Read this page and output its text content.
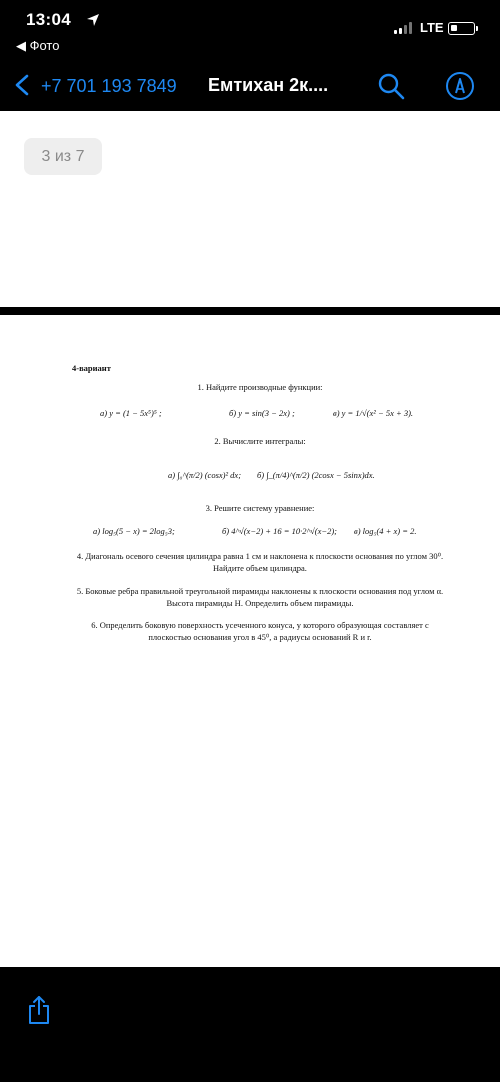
13:04	LTE
◀ Фото
+7 701 193 7849 Емтихан 2к....
3 из 7
4-вариант
1. Найдите производные функции:
а) y = (1 − 5x⁵)⁵ ;	б) y = sin(3 − 2x) ;	в) y = 1/√(x² − 5x + 3).
2. Вычислите интегралы:
а) ∫₀^(π/2) (cosx)² dx; б) ∫_(π/4)^(π/2) (2cosx − 5sinx)dx.
3. Решите систему уравнение:
а) log₅(5 − x) = 2log₅3;	б) 4^√(x−2) + 16 = 10·2^√(x−2); в) log₅(4 + x) = 2.
4. Диагональ осевого сечения цилиндра равна 1 см и наклонена к плоскости основания по углом 30⁰. Найдите объем цилиндра.
5. Боковые ребра правильной треугольной пирамиды наклонены к плоскости основания под углом α. Высота пирамиды H. Определить объем пирамиды.
6. Определить боковую поверхность усеченного конуса, у которого образующая составляет с плоскостью основания угол в 45⁰, а радиусы оснований R и r.
